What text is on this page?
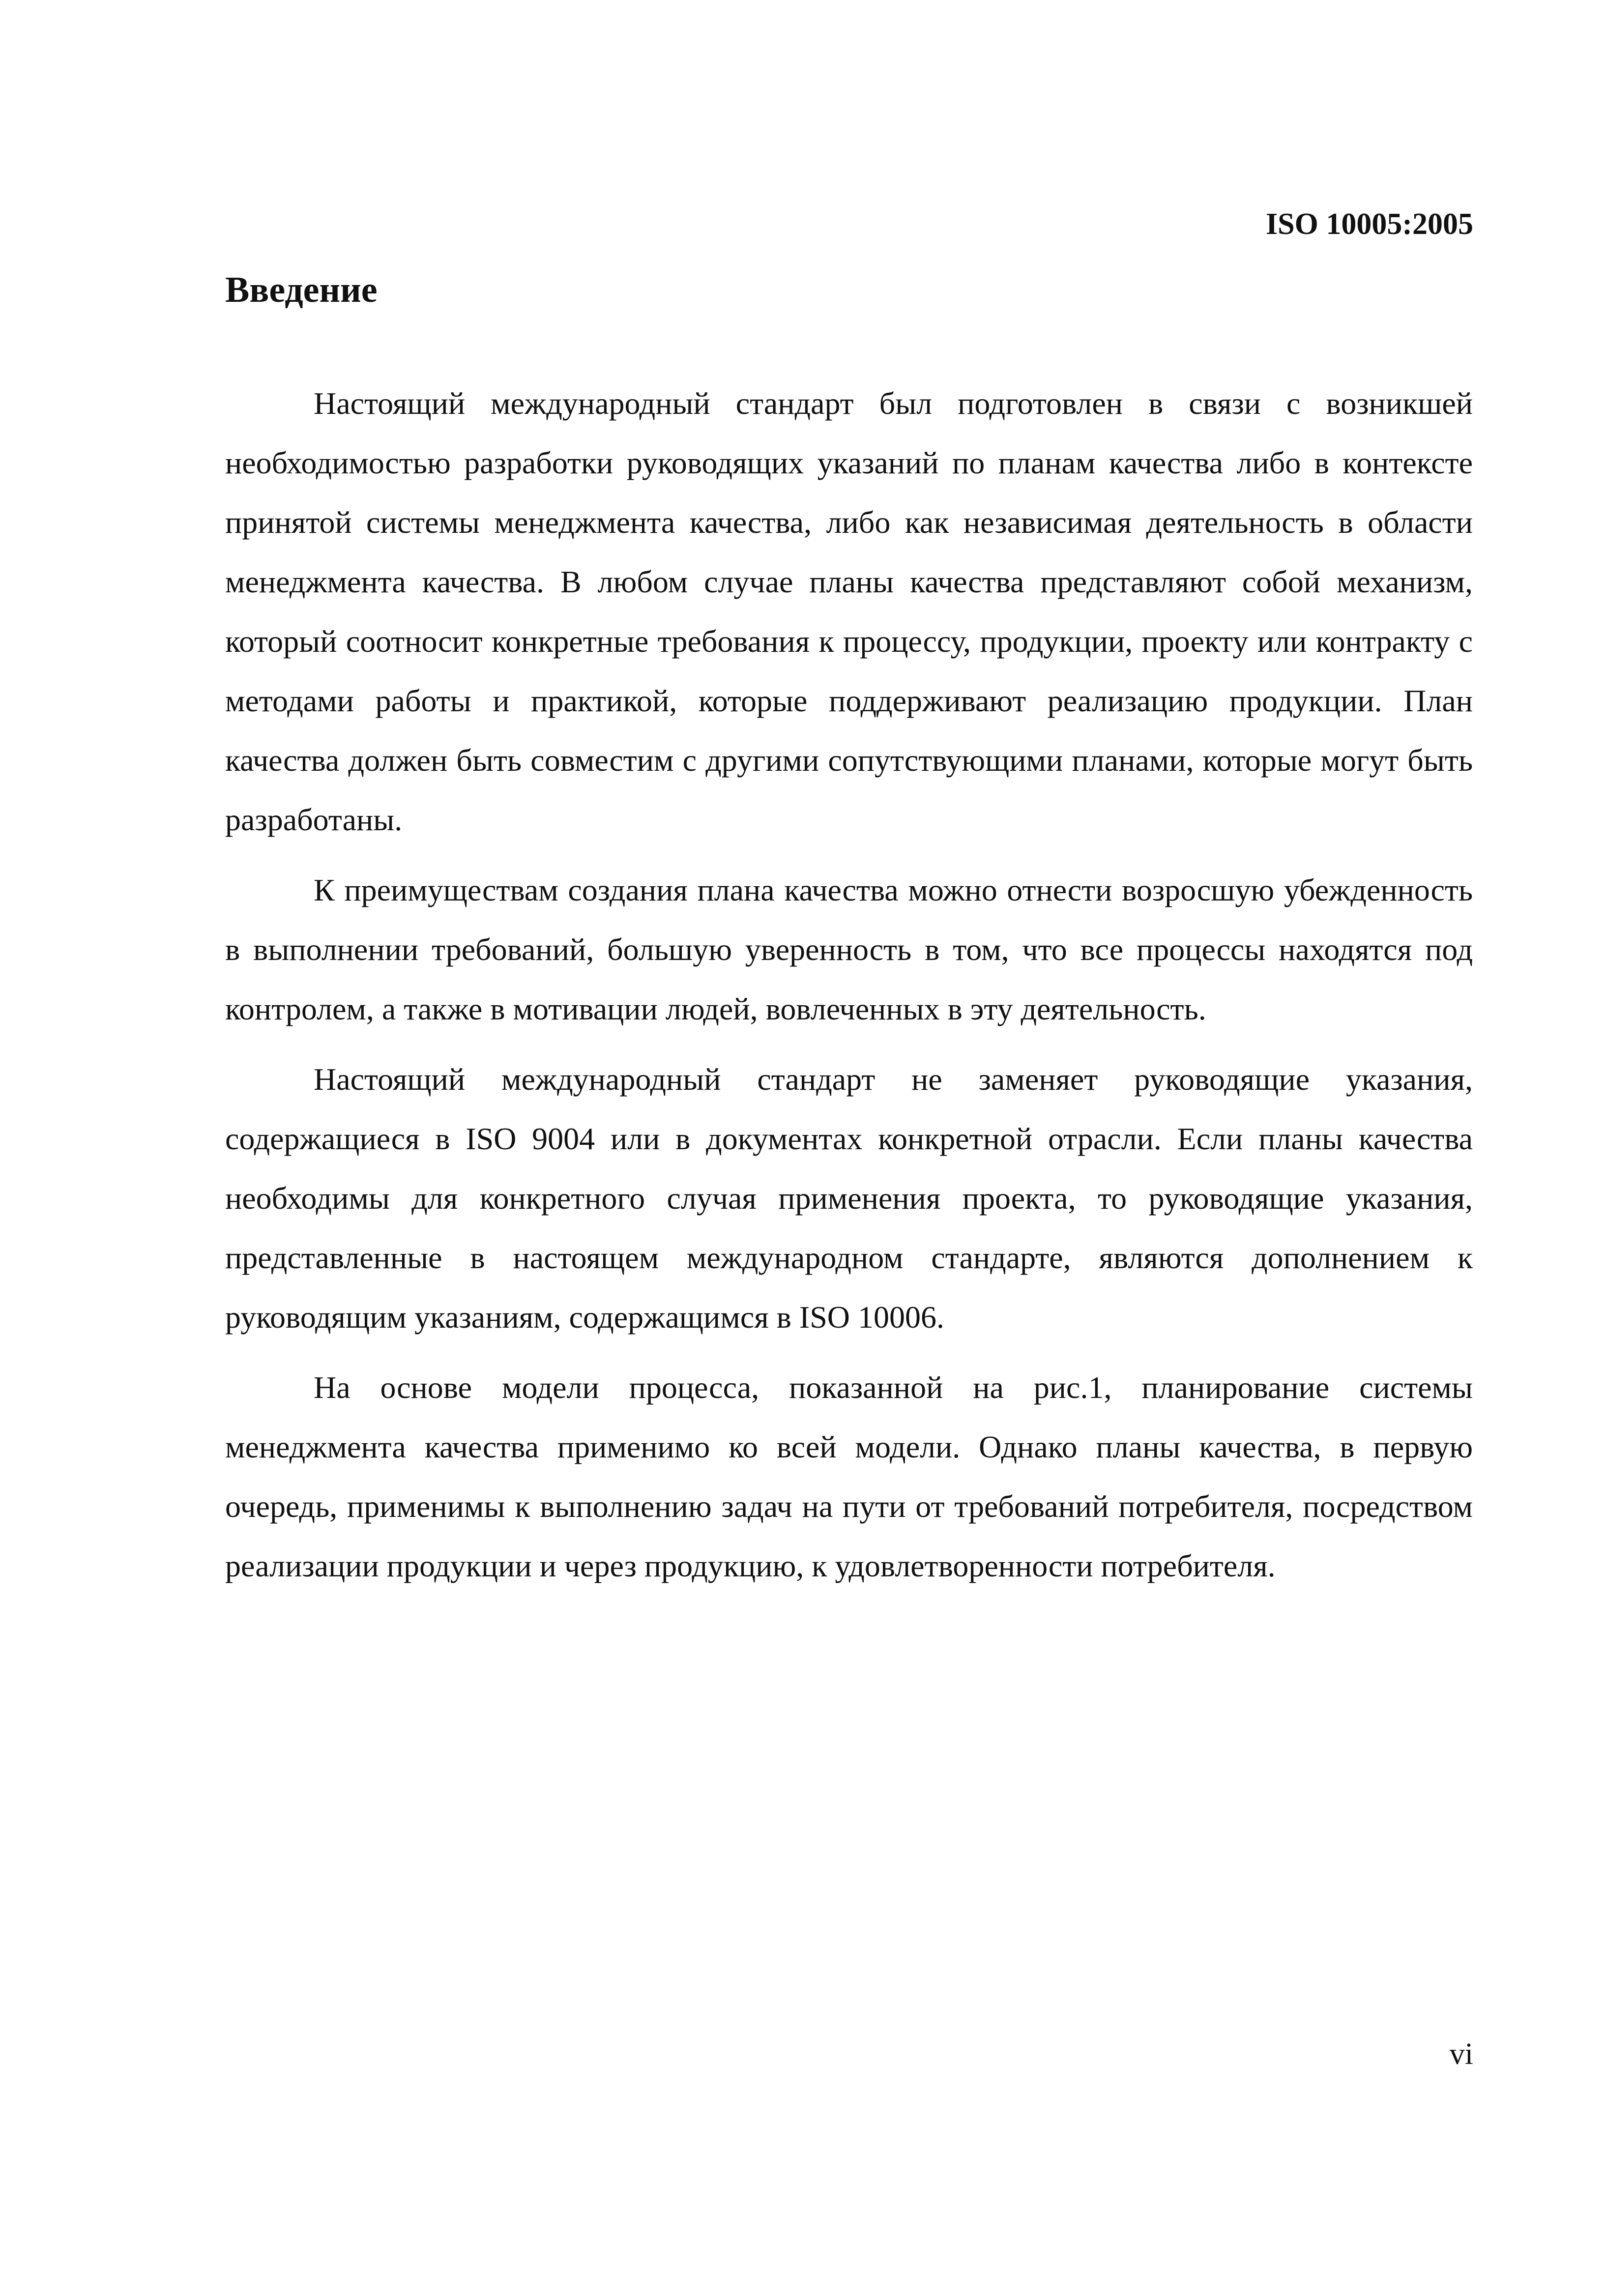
ISO 10005:2005

Введение

Настоящий международный стандарт был подготовлен в связи с возникшей необходимостью разработки руководящих указаний по планам качества либо в контексте принятой системы менеджмента качества, либо как независимая деятельность в области менеджмента качества. В любом случае планы качества представляют собой механизм, который соотносит конкретные требования к процессу, продукции, проекту или контракту с методами работы и практикой, которые поддерживают реализацию продукции. План качества должен быть совместим с другими сопутствующими планами, которые могут быть разработаны.

К преимуществам создания плана качества можно отнести возросшую убежденность в выполнении требований, большую уверенность в том, что все процессы находятся под контролем, а также в мотивации людей, вовлеченных в эту деятельность.

Настоящий международный стандарт не заменяет руководящие указания, содержащиеся в ISO 9004 или в документах конкретной отрасли. Если планы качества необходимы для конкретного случая применения проекта, то руководящие указания, представленные в настоящем международном стандарте, являются дополнением к руководящим указаниям, содержащимся в ISO 10006.

На основе модели процесса, показанной на рис.1, планирование системы менеджмента качества применимо ко всей модели. Однако планы качества, в первую очередь, применимы к выполнению задач на пути от требований потребителя, посредством реализации продукции и через продукцию, к удовлетворенности потребителя.

vi
